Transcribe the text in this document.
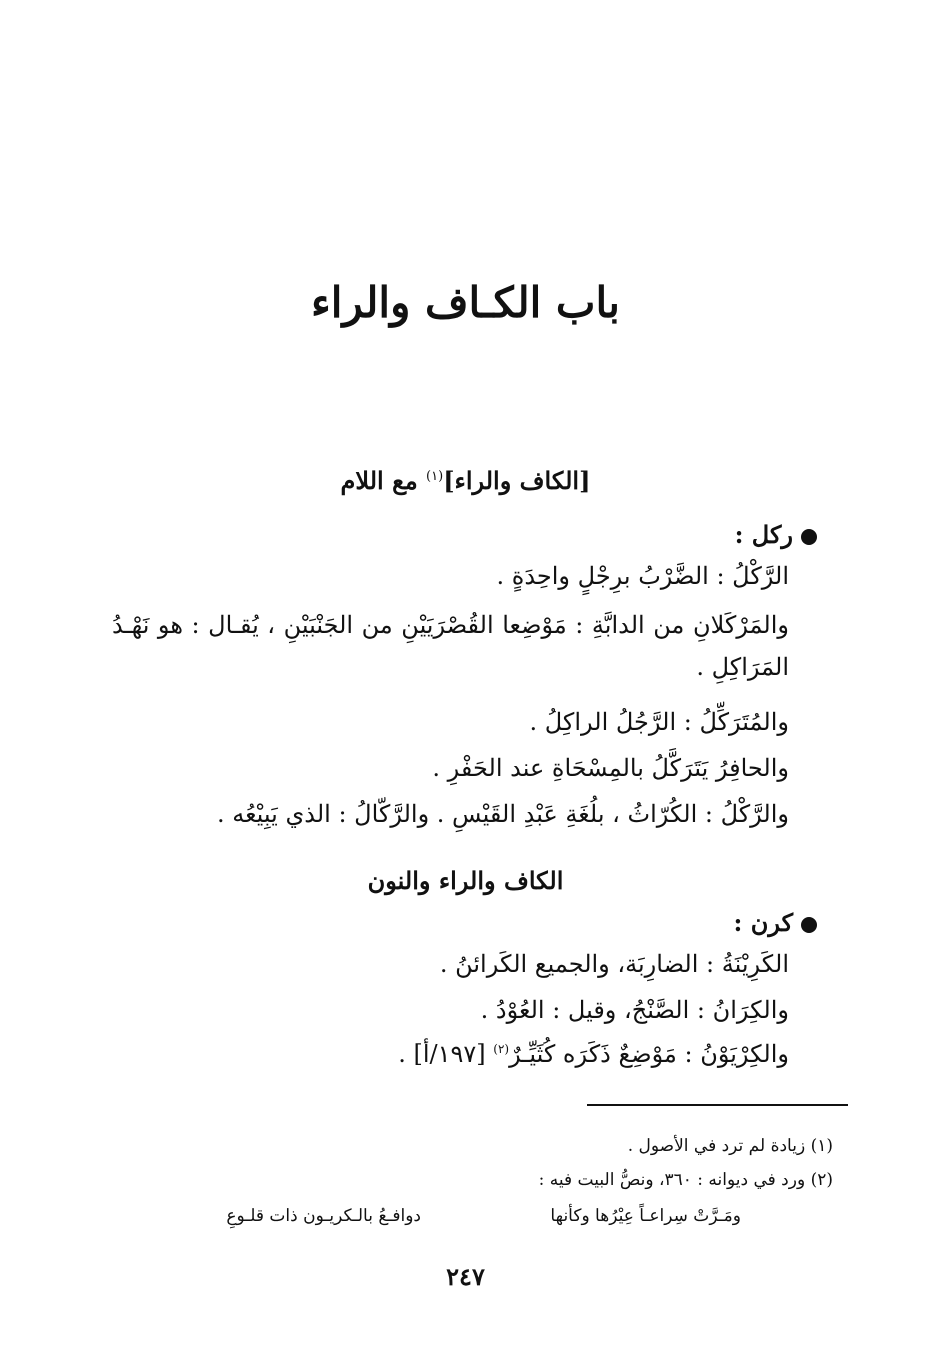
باب الكـاف والراء
[الكاف والراء]$^{(١)}$ مع اللام
ركل :
الرَّكْلُ : الضَّرْبُ برِجْلٍ واحِدَةٍ .
والمَرْكَلانِ من الدابَّةِ : مَوْضِعا القُصْرَيَيْنِ من الجَنْبَيْنِ ، يُقـال : هو نَهْـدُ المَرَاكِلِ .
والمُتَرَكِّلُ : الرَّجُلُ الراكِلُ .
والحافِرُ يَتَرَكَّلُ بالمِسْحَاةِ عند الحَفْرِ .
والرَّكْلُ : الكُرّاثُ ، بلُغَةِ عَبْدِ القَيْسِ . والرَّكّالُ : الذي يَبِيْعُه .
الكاف والراء والنون
كرن :
الكَرِيْنَةُ : الضارِبَة، والجميع الكَرائنُ .
والكِرَانُ : الصَّنْجُ، وقيل : العُوْدُ .
والكِرْيَوْنُ : مَوْضِعٌ ذَكَرَه كُثَيِّـرٌ$^{(٢)}$ [١٩٧/أ] .
(١) زيادة لم ترد في الأصول .
(٢) ورد في ديوانه : ٣٦٠، ونصُّ البيت فيه :
ومَـرَّتْ سِراعـاً عِيْرُها وكأنها
دوافـعُ بالـكريـون ذات قلـوعِ
٢٤٧
